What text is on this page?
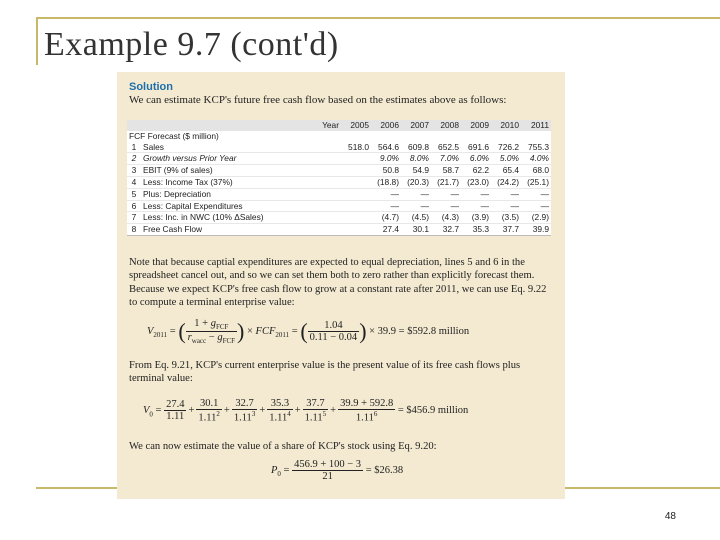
Example 9.7 (cont'd)
Solution
We can estimate KCP's future free cash flow based on the estimates above as follows:
		Year	2005	2006	2007	2008	2009	2010	2011
FCF Forecast ($ million)									
1	Sales		518.0	564.6	609.8	652.5	691.6	726.2	755.3
2	Growth versus Prior Year			9.0%	8.0%	7.0%	6.0%	5.0%	4.0%
3	EBIT (9% of sales)			50.8	54.9	58.7	62.2	65.4	68.0
4	Less: Income Tax (37%)			(18.8)	(20.3)	(21.7)	(23.0)	(24.2)	(25.1)
5	Plus: Depreciation			—	—	—	—	—	—
6	Less: Capital Expenditures			—	—	—	—	—	—
7	Less: Inc. in NWC (10% ΔSales)			(4.7)	(4.5)	(4.3)	(3.9)	(3.5)	(2.9)
8	Free Cash Flow			27.4	30.1	32.7	35.3	37.7	39.9
Note that because captial expenditures are expected to equal depreciation, lines 5 and 6 in the spreadsheet cancel out, and so we can set them both to zero rather than explicitly forecast them. Because we expect KCP's free cash flow to grow at a constant rate after 2011, we can use Eq. 9.22 to compute a terminal enterprise value:
$V_{2011}$ = ( $\frac{1 + g_{FCF}}{r_{wacc} - g_{FCF}}$ ) × $FCF_{2011}$ = ( $\frac{1.04}{0.11 - 0.04}$ ) × 39.9 = $592.8 million
From Eq. 9.21, KCP's current enterprise value is the present value of its free cash flows plus terminal value:
$V_0 = \frac{27.4}{1.11} + \frac{30.1}{1.11^2} + \frac{32.7}{1.11^3} + \frac{35.3}{1.11^4} + \frac{37.7}{1.11^5} + \frac{39.9 + 592.8}{1.11^6}$ = $456.9 million
We can now estimate the value of a share of KCP's stock using Eq. 9.20:
$P_0 = \frac{456.9 + 100 - 3}{21}$ = $26.38
48
